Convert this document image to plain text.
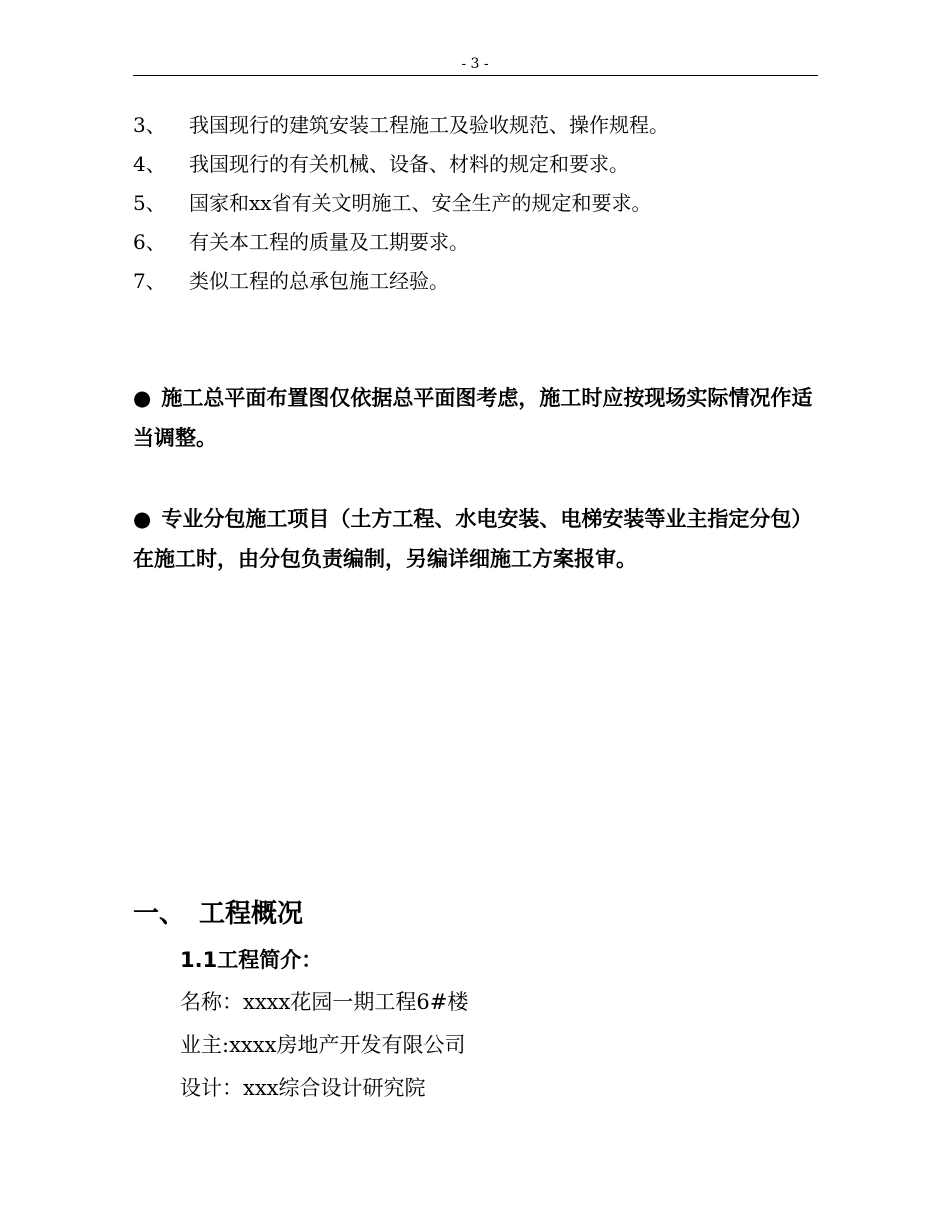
- 3 -
3、 我国现行的建筑安装工程施工及验收规范、操作规程。
4、 我国现行的有关机械、设备、材料的规定和要求。
5、 国家和xx省有关文明施工、安全生产的规定和要求。
6、 有关本工程的质量及工期要求。
7、 类似工程的总承包施工经验。
● 施工总平面布置图仅依据总平面图考虑，施工时应按现场实际情况作适当调整。
● 专业分包施工项目（土方工程、水电安装、电梯安装等业主指定分包）在施工时，由分包负责编制，另编详细施工方案报审。
一、 工程概况
1.1工程简介：
名称：xxxx花园一期工程6#楼
业主:xxxx房地产开发有限公司
设计：xxx综合设计研究院
